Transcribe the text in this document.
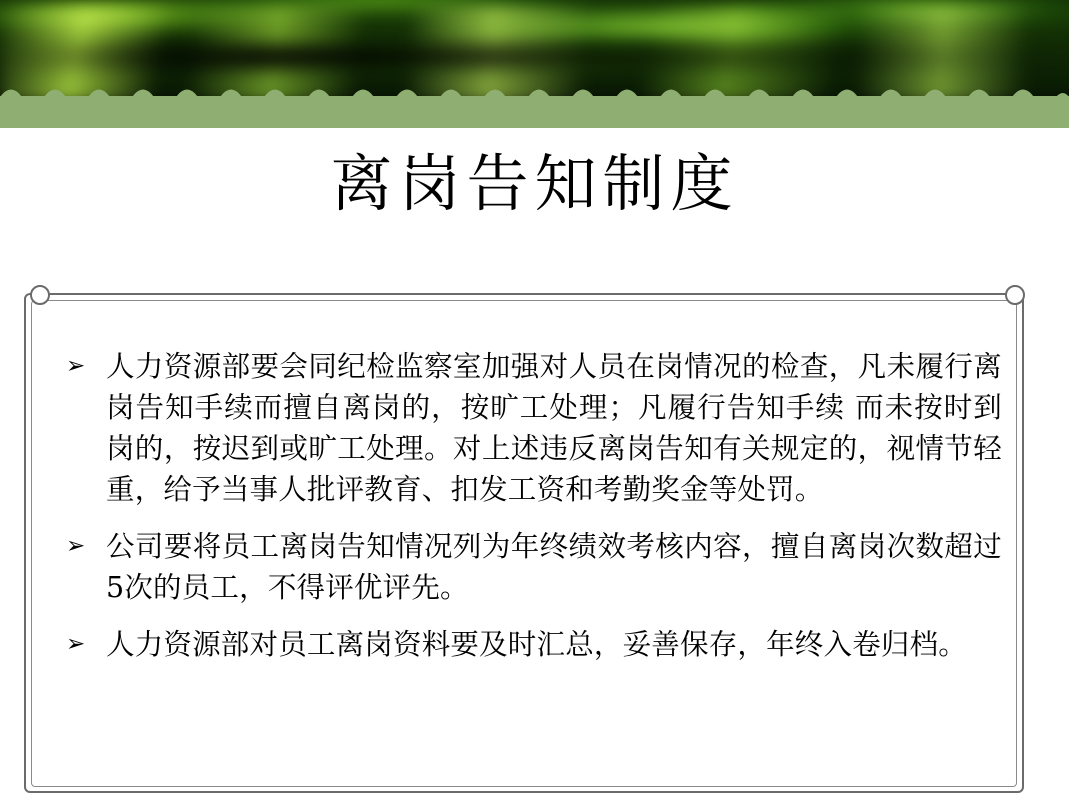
离岗告知制度
➢ 人力资源部要会同纪检监察室加强对人员在岗情况的检查，凡未履行离岗告知手续而擅自离岗的，按旷工处理；凡履行告知手续 而未按时到岗的，按迟到或旷工处理。对上述违反离岗告知有关规定的，视情节轻重，给予当事人批评教育、扣发工资和考勤奖金等处罚。
➢ 公司要将员工离岗告知情况列为年终绩效考核内容，擅自离岗次数超过5次的员工，不得评优评先。
➢ 人力资源部对员工离岗资料要及时汇总，妥善保存，年终入卷归档。
